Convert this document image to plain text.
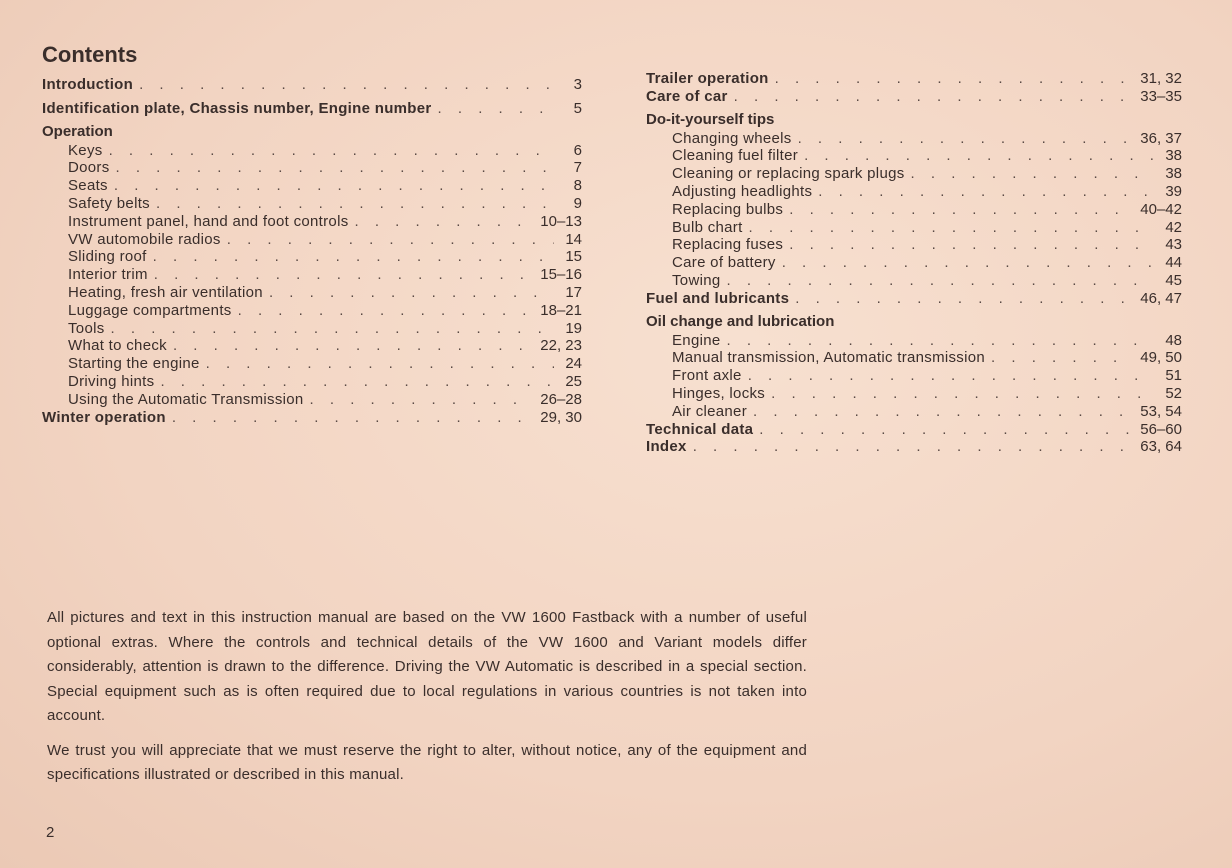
Contents
Introduction . . .	3
Identification plate, Chassis number, Engine number . . .	5
Operation
Keys . . .	6
Doors . . .	7
Seats . . .	8
Safety belts . . .	9
Instrument panel, hand and foot controls . . .	10–13
VW automobile radios . . .	14
Sliding roof . . .	15
Interior trim . . .	15–16
Heating, fresh air ventilation . . .	17
Luggage compartments . . .	18–21
Tools . . .	19
What to check . . .	22, 23
Starting the engine . . .	24
Driving hints . . .	25
Using the Automatic Transmission . . .	26–28
Winter operation . . .	29, 30
Trailer operation . . .	31, 32
Care of car . . .	33–35
Do-it-yourself tips
Changing wheels . . .	36, 37
Cleaning fuel filter . . .	38
Cleaning or replacing spark plugs . . .	38
Adjusting headlights . . .	39
Replacing bulbs . . .	40–42
Bulb chart . . .	42
Replacing fuses . . .	43
Care of battery . . .	44
Towing . . .	45
Fuel and lubricants . . .	46, 47
Oil change and lubrication
Engine . . .	48
Manual transmission, Automatic transmission . . .	49, 50
Front axle . . .	51
Hinges, locks . . .	52
Air cleaner . . .	53, 54
Technical data . . .	56–60
Index . . .	63, 64

All pictures and text in this instruction manual are based on the VW 1600 Fastback with a number of useful optional extras. Where the controls and technical details of the VW 1600 and Variant models differ considerably, attention is drawn to the difference. Driving the VW Automatic is described in a special section. Special equipment such as is often required due to local regulations in various countries is not taken into account.

We trust you will appreciate that we must reserve the right to alter, without notice, any of the equipment and specifications illustrated or described in this manual.

2
